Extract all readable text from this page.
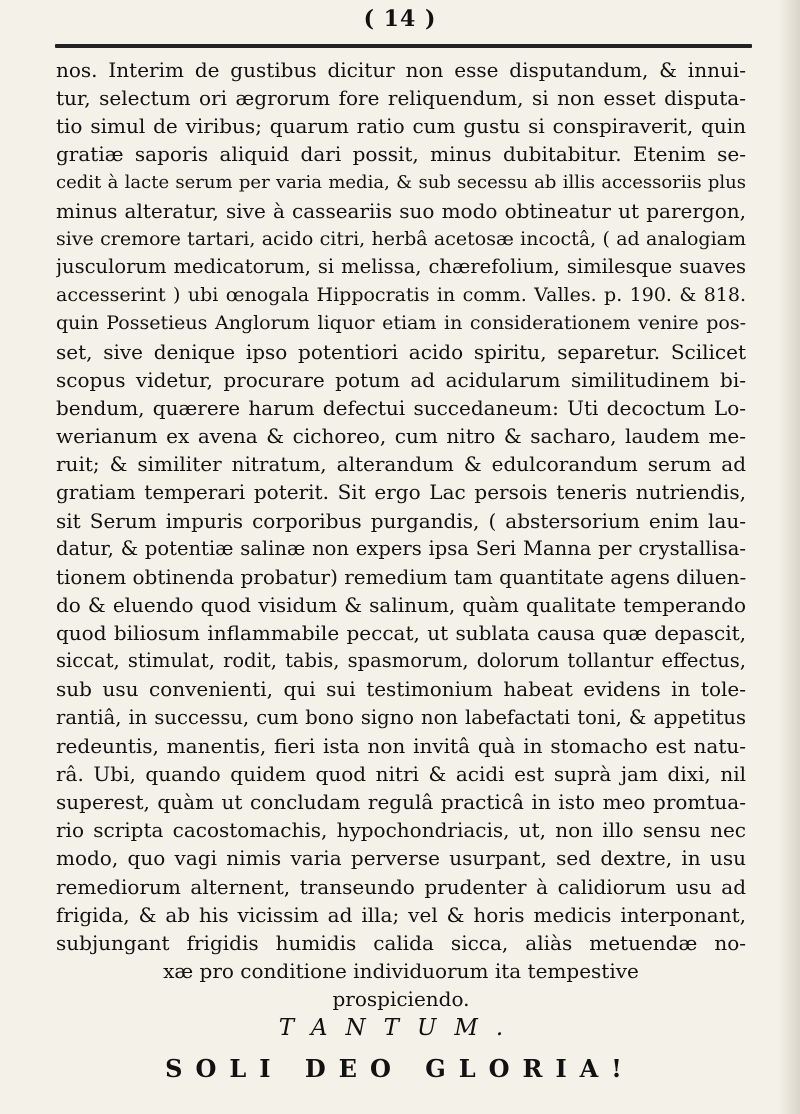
( 14 )
nos. Interim de gustibus dicitur non esse disputandum, & innui-
tur, selectum ori ægrorum fore reliquendum, si non esset disputa-
tio simul de viribus; quarum ratio cum gustu si conspiraverit, quin
gratiæ saporis aliquid dari possit, minus dubitabitur. Etenim se-
cedit à lacte serum per varia media, & sub secessu ab illis accessoriis plus
minus alteratur, sive à casseariis suo modo obtineatur ut parergon,
sive cremore tartari, acido citri, herbâ acetosæ incoctâ, ( ad analogiam
jusculorum medicatorum, si melissa, chærefolium, similesque suaves
accesserint ) ubi œnogala Hippocratis in comm. Valles. p. 190. & 818.
quin Possetieus Anglorum liquor etiam in considerationem venire pos-
set, sive denique ipso potentiori acido spiritu, separetur. Scilicet
scopus videtur, procurare potum ad acidularum similitudinem bi-
bendum, quærere harum defectui succedaneum: Uti decoctum Lo-
werianum ex avena & cichoreo, cum nitro & sacharo, laudem me-
ruit; & similiter nitratum, alterandum & edulcorandum serum ad
gratiam temperari poterit. Sit ergo Lac persois teneris nutriendis,
sit Serum impuris corporibus purgandis, ( abstersorium enim lau-
datur, & potentiæ salinæ non expers ipsa Seri Manna per crystallisa-
tionem obtinenda probatur) remedium tam quantitate agens diluen-
do & eluendo quod visidum & salinum, quàm qualitate temperando
quod biliosum inflammabile peccat, ut sublata causa quæ depascit,
siccat, stimulat, rodit, tabis, spasmorum, dolorum tollantur effectus,
sub usu convenienti, qui sui testimonium habeat evidens in tole-
rantiâ, in successu, cum bono signo non labefactati toni, & appetitus
redeuntis, manentis, fieri ista non invitâ quà in stomacho est natu-
râ. Ubi, quando quidem quod nitri & acidi est suprà jam dixi, nil
superest, quàm ut concludam regulâ practicâ in isto meo promtua-
rio scripta cacostomachis, hypochondriacis, ut, non illo sensu nec
modo, quo vagi nimis varia perverse usurpant, sed dextre, in usu
remediorum alternent, transeundo prudenter à calidiorum usu ad
frigida, & ab his vicissim ad illa; vel & horis medicis interponant,
subjungant frigidis humidis calida sicca, aliàs metuendæ no-
xæ pro conditione individuorum ita tempestive
prospiciendo.
TANTUM.
SOLI DEO GLORIA!
